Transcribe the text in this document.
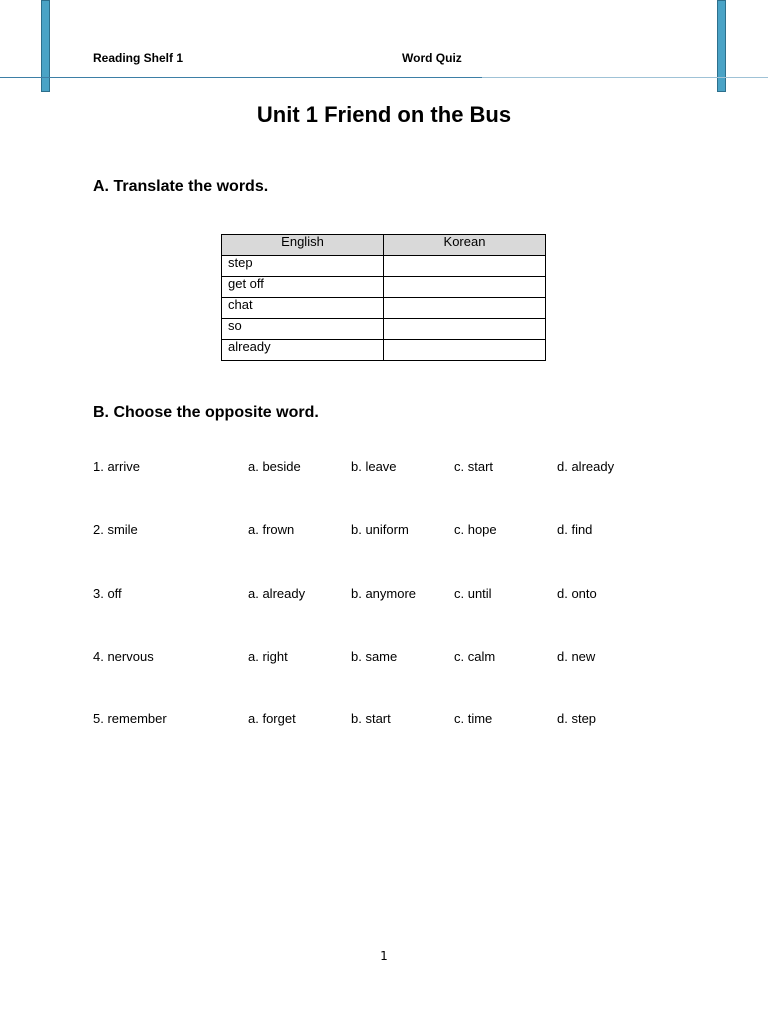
Reading Shelf 1	Word Quiz
Unit 1 Friend on the Bus
A. Translate the words.
English	Korean
step	
get off	
chat	
so	
already	
B. Choose the opposite word.
1. arrive	a. beside	b. leave	c. start	d. already
2. smile	a. frown	b. uniform	c. hope	d. find
3. off	a. already	b. anymore	c. until	d. onto
4. nervous	a. right	b. same	c. calm	d. new
5. remember	a. forget	b. start	c. time	d. step
1
